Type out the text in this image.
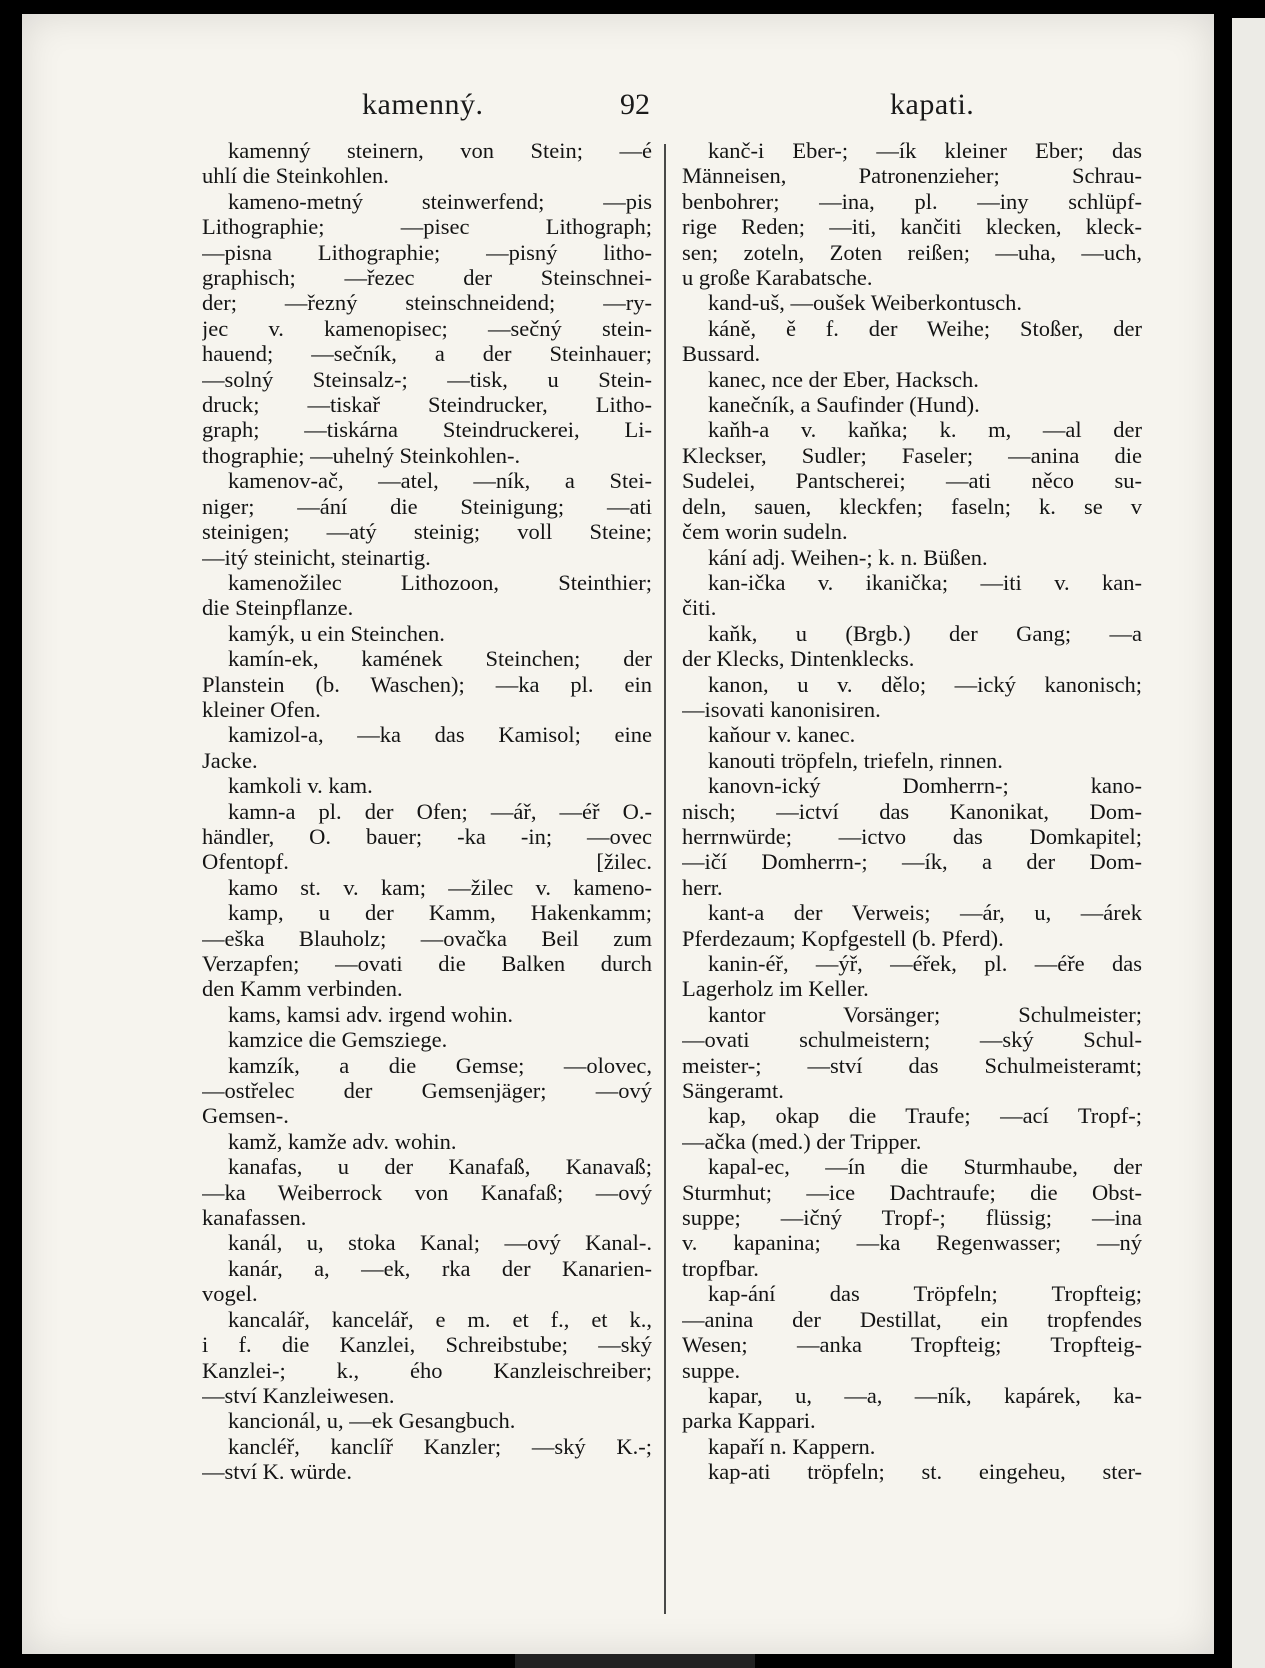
kamenný.	92	kapati.
kamenný steinern, von Stein; —é
uhlí die Steinkohlen.
kameno-metný steinwerfend; —pis
Lithographie; —pisec Lithograph;
—pisna Lithographie; —pisný litho-
graphisch; —řezec der Steinschnei-
der; —řezný steinschneidend; —ry-
jec v. kamenopisec; —sečný stein-
hauend; —sečník, a der Steinhauer;
—solný Steinsalz-; —tisk, u Stein-
druck; —tiskař Steindrucker, Litho-
graph; —tiskárna Steindruckerei, Li-
thographie; —uhelný Steinkohlen-.
kamenov-ač, —atel, —ník, a Stei-
niger; —ání die Steinigung; —ati
steinigen; —atý steinig; voll Steine;
—itý steinicht, steinartig.
kamenožilec Lithozoon, Steinthier;
die Steinpflanze.
kamýk, u ein Steinchen.
kamín-ek, kamének Steinchen; der
Planstein (b. Waschen); —ka pl. ein
kleiner Ofen.
kamizol-a, —ka das Kamisol; eine
Jacke.
kamkoli v. kam.
kamn-a pl. der Ofen; —ář, —éř O.-
händler, O. bauer; -ka -in; —ovec
Ofentopf. [žilec.
kamo st. v. kam; —žilec v. kameno-
kamp, u der Kamm, Hakenkamm;
—eška Blauholz; —ovačka Beil zum
Verzapfen; —ovati die Balken durch
den Kamm verbinden.
kams, kamsi adv. irgend wohin.
kamzice die Gemsziege.
kamzík, a die Gemse; —olovec,
—ostřelec der Gemsenjäger; —ový
Gemsen-.
kamž, kamže adv. wohin.
kanafas, u der Kanafaß, Kanavaß;
—ka Weiberrock von Kanafaß; —ový
kanafassen.
kanál, u, stoka Kanal; —ový Kanal-.
kanár, a, —ek, rka der Kanarien-
vogel.
kancalář, kancelář, e m. et f., et k.,
i f. die Kanzlei, Schreibstube; —ský
Kanzlei-; k., ého Kanzleischreiber;
—ství Kanzleiwesen.
kancionál, u, —ek Gesangbuch.
kancléř, kanclíř Kanzler; —ský K.-;
—ství K. würde.
kanč-i Eber-; —ík kleiner Eber; das
Männeisen, Patronenzieher; Schrau-
benbohrer; —ina, pl. —iny schlüpf-
rige Reden; —iti, kančiti klecken, kleck-
sen; zoteln, Zoten reißen; —uha, —uch,
u große Karabatsche.
kand-uš, —oušek Weiberkontusch.
káně, ě f. der Weihe; Stoßer, der
Bussard.
kanec, nce der Eber, Hacksch.
kanečník, a Saufinder (Hund).
kaňh-a v. kaňka; k. m, —al der
Kleckser, Sudler; Faseler; —anina die
Sudelei, Pantscherei; —ati něco su-
deln, sauen, kleckfen; faseln; k. se v
čem worin sudeln.
kání adj. Weihen-; k. n. Büßen.
kan-ička v. ikanička; —iti v. kan-
čiti.
kaňk, u (Brgb.) der Gang; —a
der Klecks, Dintenklecks.
kanon, u v. dělo; —ický kanonisch;
—isovati kanonisiren.
kaňour v. kanec.
kanouti tröpfeln, triefeln, rinnen.
kanovn-ický Domherrn-; kano-
nisch; —ictví das Kanonikat, Dom-
herrnwürde; —ictvo das Domkapitel;
—ičí Domherrn-; —ík, a der Dom-
herr.
kant-a der Verweis; —ár, u, —árek
Pferdezaum; Kopfgestell (b. Pferd).
kanin-éř, —ýř, —éřek, pl. —éře das
Lagerholz im Keller.
kantor Vorsänger; Schulmeister;
—ovati schulmeistern; —ský Schul-
meister-; —ství das Schulmeisteramt;
Sängeramt.
kap, okap die Traufe; —ací Tropf-;
—ačka (med.) der Tripper.
kapal-ec, —ín die Sturmhaube, der
Sturmhut; —ice Dachtraufe; die Obst-
suppe; —ičný Tropf-; flüssig; —ina
v. kapanina; —ka Regenwasser; —ný
tropfbar.
kap-ání das Tröpfeln; Tropfteig;
—anina der Destillat, ein tropfendes
Wesen; —anka Tropfteig; Tropfteig-
suppe.
kapar, u, —a, —ník, kapárek, ka-
parka Kappari.
kapaří n. Kappern.
kap-ati tröpfeln; st. eingeheu, ster-
